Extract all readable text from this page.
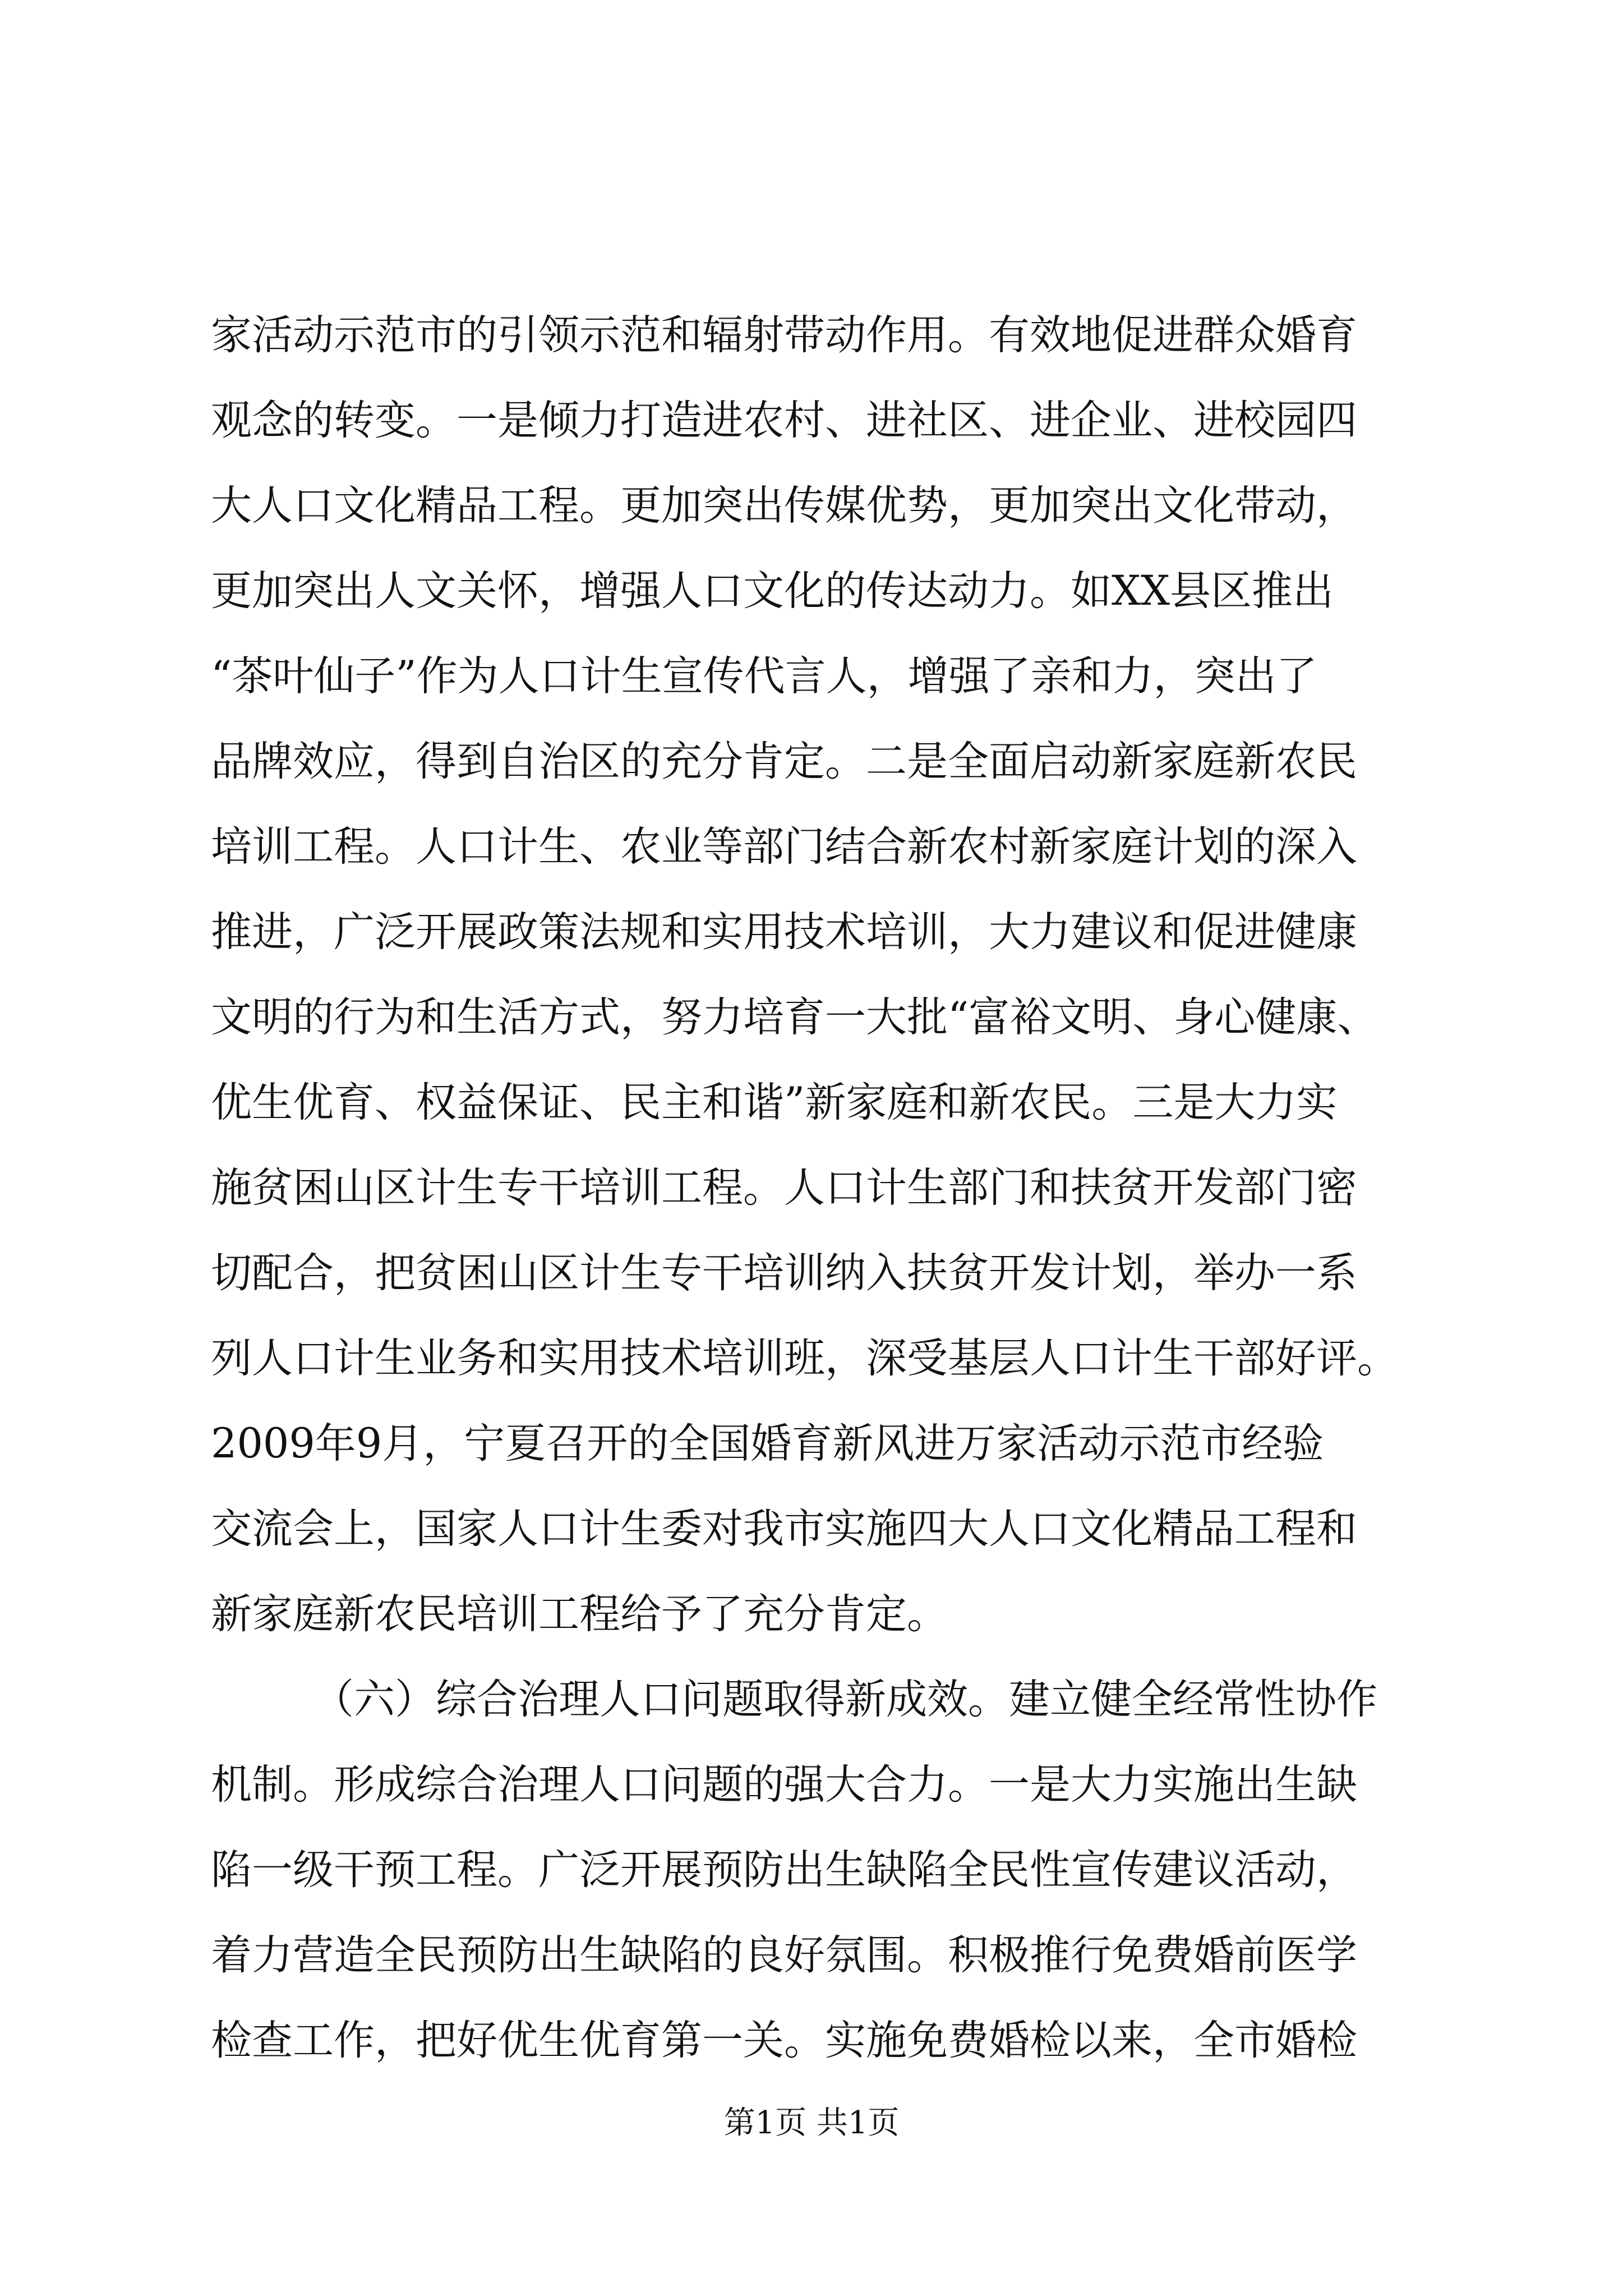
家活动示范市的引领示范和辐射带动作用。有效地促进群众婚育
观念的转变。一是倾力打造进农村、进社区、进企业、进校园四
大人口文化精品工程。更加突出传媒优势，更加突出文化带动，
更加突出人文关怀，增强人口文化的传达动力。如XX县区推出
“茶叶仙子”作为人口计生宣传代言人，增强了亲和力，突出了
品牌效应，得到自治区的充分肯定。二是全面启动新家庭新农民
培训工程。人口计生、农业等部门结合新农村新家庭计划的深入
推进，广泛开展政策法规和实用技术培训，大力建议和促进健康
文明的行为和生活方式，努力培育一大批“富裕文明、身心健康、
优生优育、权益保证、民主和谐”新家庭和新农民。三是大力实
施贫困山区计生专干培训工程。人口计生部门和扶贫开发部门密
切配合，把贫困山区计生专干培训纳入扶贫开发计划，举办一系
列人口计生业务和实用技术培训班，深受基层人口计生干部好评。
2009年9月，宁夏召开的全国婚育新风进万家活动示范市经验
交流会上，国家人口计生委对我市实施四大人口文化精品工程和
新家庭新农民培训工程给予了充分肯定。
（六）综合治理人口问题取得新成效。建立健全经常性协作
机制。形成综合治理人口问题的强大合力。一是大力实施出生缺
陷一级干预工程。广泛开展预防出生缺陷全民性宣传建议活动，
着力营造全民预防出生缺陷的良好氛围。积极推行免费婚前医学
检查工作，把好优生优育第一关。实施免费婚检以来，全市婚检
第1页 共1页
